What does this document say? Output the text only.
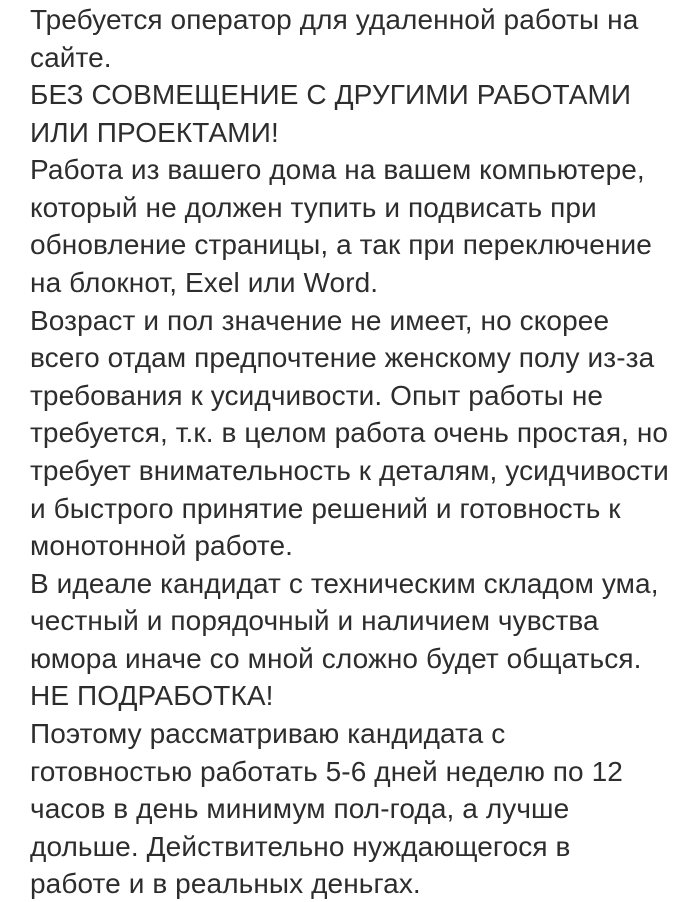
Требуется оператор для удаленной работы на
сайте.
БЕЗ СОВМЕЩЕНИЕ С ДРУГИМИ РАБОТАМИ
ИЛИ ПРОЕКТАМИ!
Работа из вашего дома на вашем компьютере,
который не должен тупить и подвисать при
обновление страницы, а так при переключение
на блокнот, Exel или Word.
Возраст и пол значение не имеет, но скорее
всего отдам предпочтение женскому полу из-за
требования к усидчивости. Опыт работы не
требуется, т.к. в целом работа очень простая, но
требует внимательность к деталям, усидчивости
и быстрого принятие решений и готовность к
монотонной работе.
В идеале кандидат с техническим складом ума,
честный и порядочный и наличием чувства
юмора иначе со мной сложно будет общаться.
НЕ ПОДРАБОТКА!
Поэтому рассматриваю кандидата с
готовностью работать 5-6 дней неделю по 12
часов в день минимум пол-года, а лучше
дольше. Действительно нуждающегося в
работе и в реальных деньгах.
